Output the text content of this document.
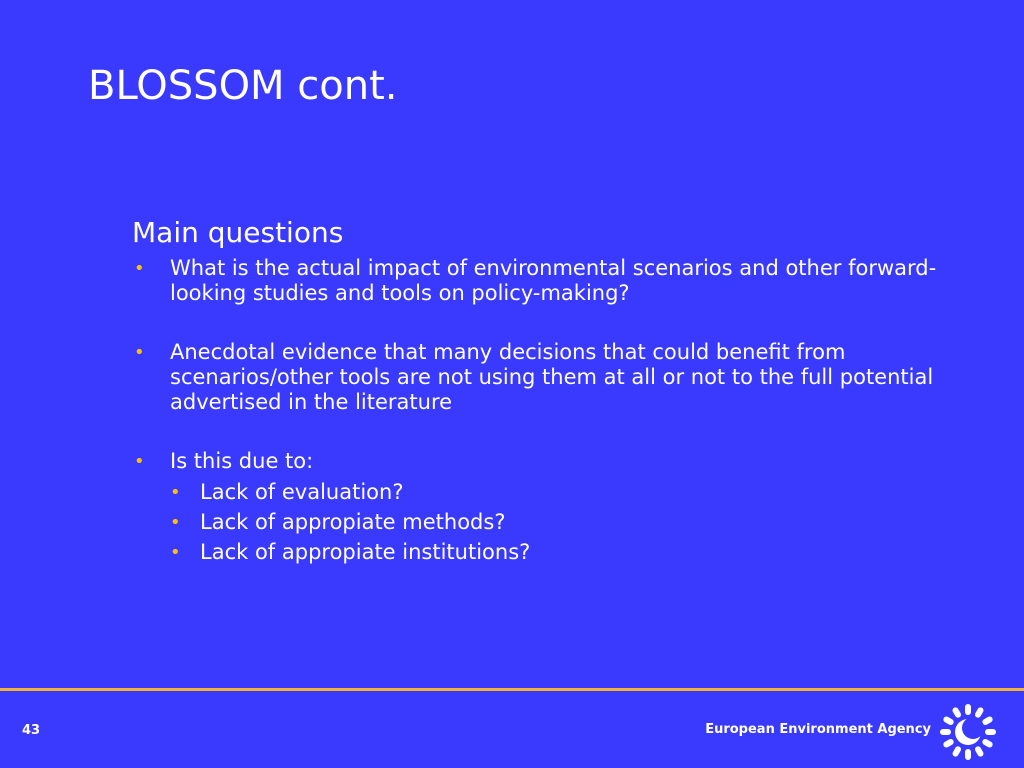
BLOSSOM cont.
Main questions
• What is the actual impact of environmental scenarios and other forward-looking studies and tools on policy-making?
• Anecdotal evidence that many decisions that could benefit from scenarios/other tools are not using them at all or not to the full potential advertised in the literature
• Is this due to:
• Lack of evaluation?
• Lack of appropiate methods?
• Lack of appropiate institutions?
43	European Environment Agency
